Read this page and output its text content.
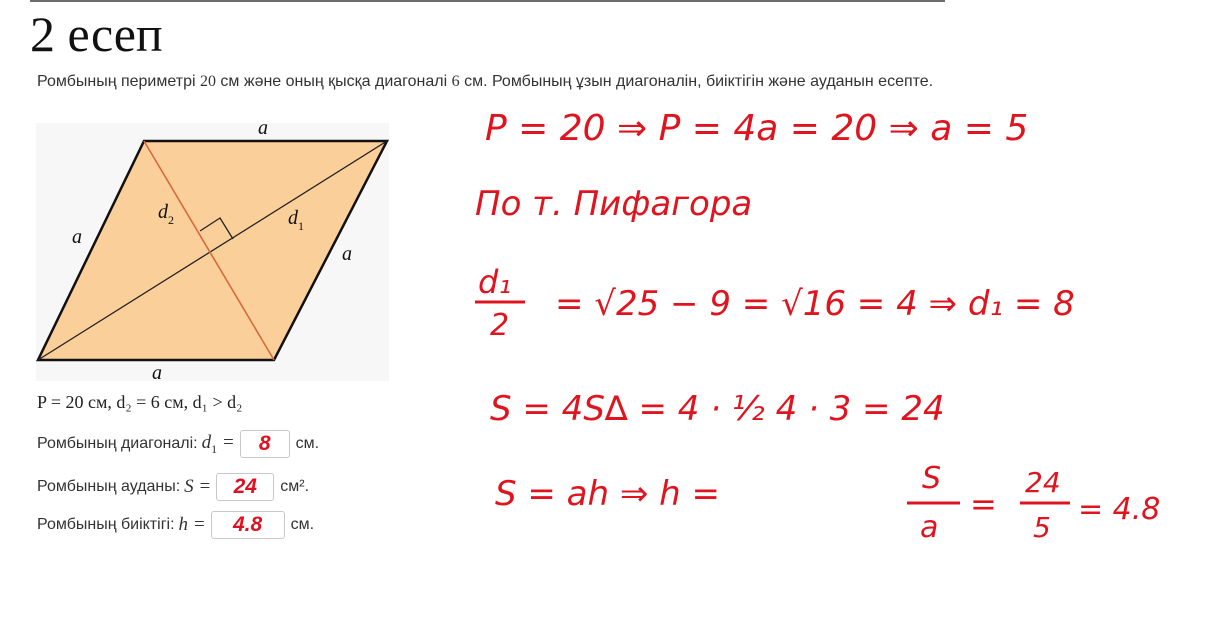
2 есеп

Ромбының периметрі 20 см және оның қысқа диагоналі 6 см. Ромбының ұзын диагоналін, биіктігін және ауданын есепте.

a
a
a
a
$d_2$	$d_1$
P = 20 см, d₂ = 6 см, d₁ > d₂
Ромбының диагоналі: $d_1$ =	8	см.
Ромбының ауданы: S =	24	см².
Ромбының биіктігі: h =	4.8	см.
P = 20 ⇒ P = 4a = 20 ⇒ a = 5
По т. Пифагора
d₁
2
= √25 − 9 = √16 = 4 ⇒ d₁ = 8
S = 4S∆ = 4 · ½ 4 · 3 = 24
S = ah ⇒ h =	S
a
=
24
5
= 4.8
